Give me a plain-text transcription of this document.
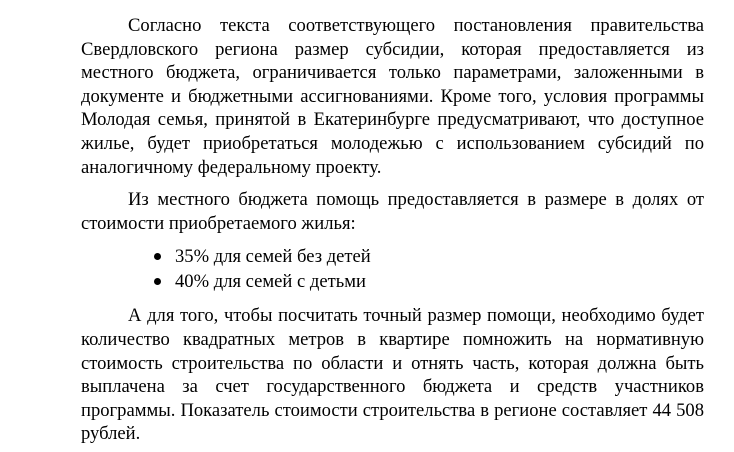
Согласно текста соответствующего постановления правительства Свердловского региона размер субсидии, которая предоставляется из местного бюджета, ограничивается только параметрами, заложенными в документе и бюджетными ассигнованиями. Кроме того, условия программы Молодая семья, принятой в Екатеринбурге предусматривают, что доступное жилье, будет приобретаться молодежью с использованием субсидий по аналогичному федеральному проекту.

Из местного бюджета помощь предоставляется в размере в долях от стоимости приобретаемого жилья:

35% для семей без детей
40% для семей с детьми

А для того, чтобы посчитать точный размер помощи, необходимо будет количество квадратных метров в квартире помножить на нормативную стоимость строительства по области и отнять часть, которая должна быть выплачена за счет государственного бюджета и средств участников программы. Показатель стоимости строительства в регионе составляет 44 508 рублей.
